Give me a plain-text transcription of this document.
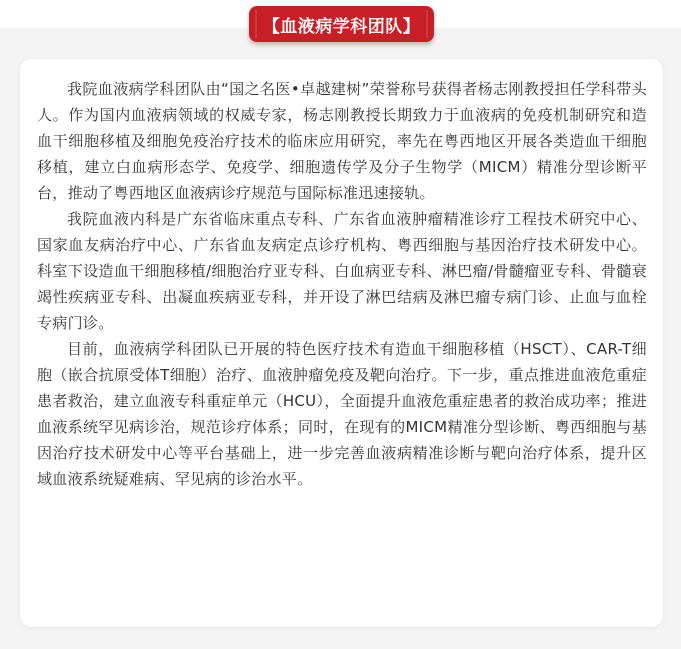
【血液病学科团队】

我院血液病学科团队由“国之名医•卓越建树”荣誉称号获得者杨志刚教授担任学科带头人。作为国内血液病领域的权威专家，杨志刚教授长期致力于血液病的免疫机制研究和造血干细胞移植及细胞免疫治疗技术的临床应用研究，率先在粤西地区开展各类造血干细胞移植，建立白血病形态学、免疫学、细胞遗传学及分子生物学（MICM）精准分型诊断平台，推动了粤西地区血液病诊疗规范与国际标准迅速接轨。

我院血液内科是广东省临床重点专科、广东省血液肿瘤精准诊疗工程技术研究中心、国家血友病治疗中心、广东省血友病定点诊疗机构、粤西细胞与基因治疗技术研发中心。科室下设造血干细胞移植/细胞治疗亚专科、白血病亚专科、淋巴瘤/骨髓瘤亚专科、骨髓衰竭性疾病亚专科、出凝血疾病亚专科，并开设了淋巴结病及淋巴瘤专病门诊、止血与血栓专病门诊。

目前，血液病学科团队已开展的特色医疗技术有造血干细胞移植（HSCT）、CAR-T细胞（嵌合抗原受体T细胞）治疗、血液肿瘤免疫及靶向治疗。下一步，重点推进血液危重症患者救治，建立血液专科重症单元（HCU），全面提升血液危重症患者的救治成功率；推进血液系统罕见病诊治，规范诊疗体系；同时，在现有的MICM精准分型诊断、粤西细胞与基因治疗技术研发中心等平台基础上，进一步完善血液病精准诊断与靶向治疗体系，提升区域血液系统疑难病、罕见病的诊治水平。
